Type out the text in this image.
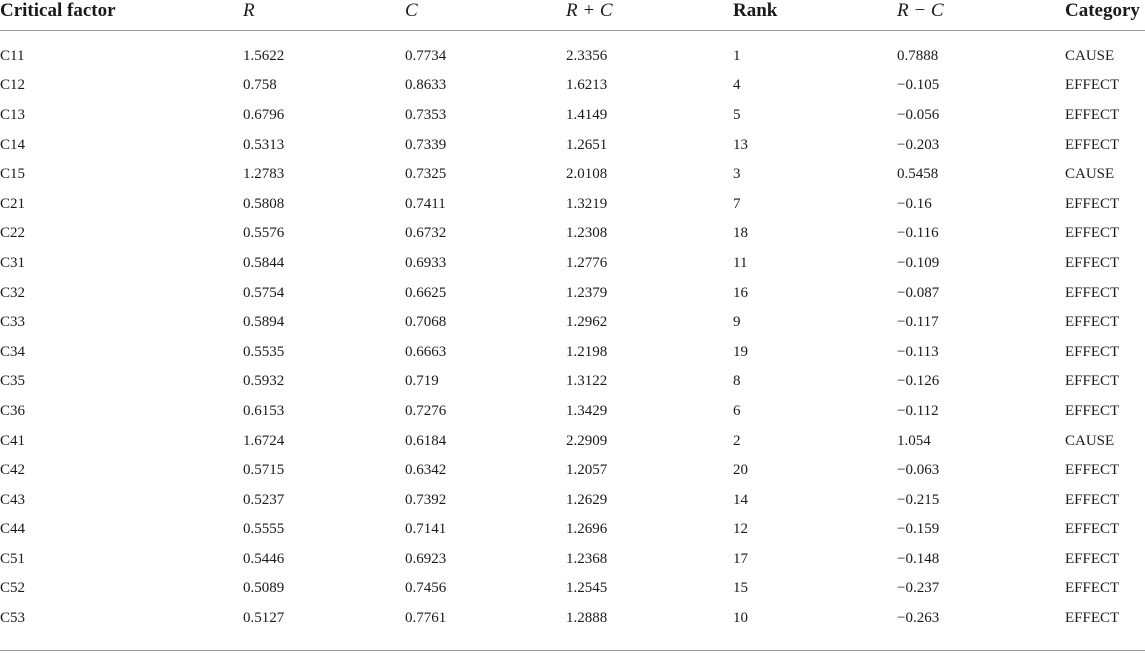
Critical factor	R	C	R + C	Rank	R − C	Category

C11	1.5622	0.7734	2.3356	1	0.7888	CAUSE
C12	0.758	0.8633	1.6213	4	−0.105	EFFECT
C13	0.6796	0.7353	1.4149	5	−0.056	EFFECT
C14	0.5313	0.7339	1.2651	13	−0.203	EFFECT
C15	1.2783	0.7325	2.0108	3	0.5458	CAUSE
C21	0.5808	0.7411	1.3219	7	−0.16	EFFECT
C22	0.5576	0.6732	1.2308	18	−0.116	EFFECT
C31	0.5844	0.6933	1.2776	11	−0.109	EFFECT
C32	0.5754	0.6625	1.2379	16	−0.087	EFFECT
C33	0.5894	0.7068	1.2962	9	−0.117	EFFECT
C34	0.5535	0.6663	1.2198	19	−0.113	EFFECT
C35	0.5932	0.719	1.3122	8	−0.126	EFFECT
C36	0.6153	0.7276	1.3429	6	−0.112	EFFECT
C41	1.6724	0.6184	2.2909	2	1.054	CAUSE
C42	0.5715	0.6342	1.2057	20	−0.063	EFFECT
C43	0.5237	0.7392	1.2629	14	−0.215	EFFECT
C44	0.5555	0.7141	1.2696	12	−0.159	EFFECT
C51	0.5446	0.6923	1.2368	17	−0.148	EFFECT
C52	0.5089	0.7456	1.2545	15	−0.237	EFFECT
C53	0.5127	0.7761	1.2888	10	−0.263	EFFECT
